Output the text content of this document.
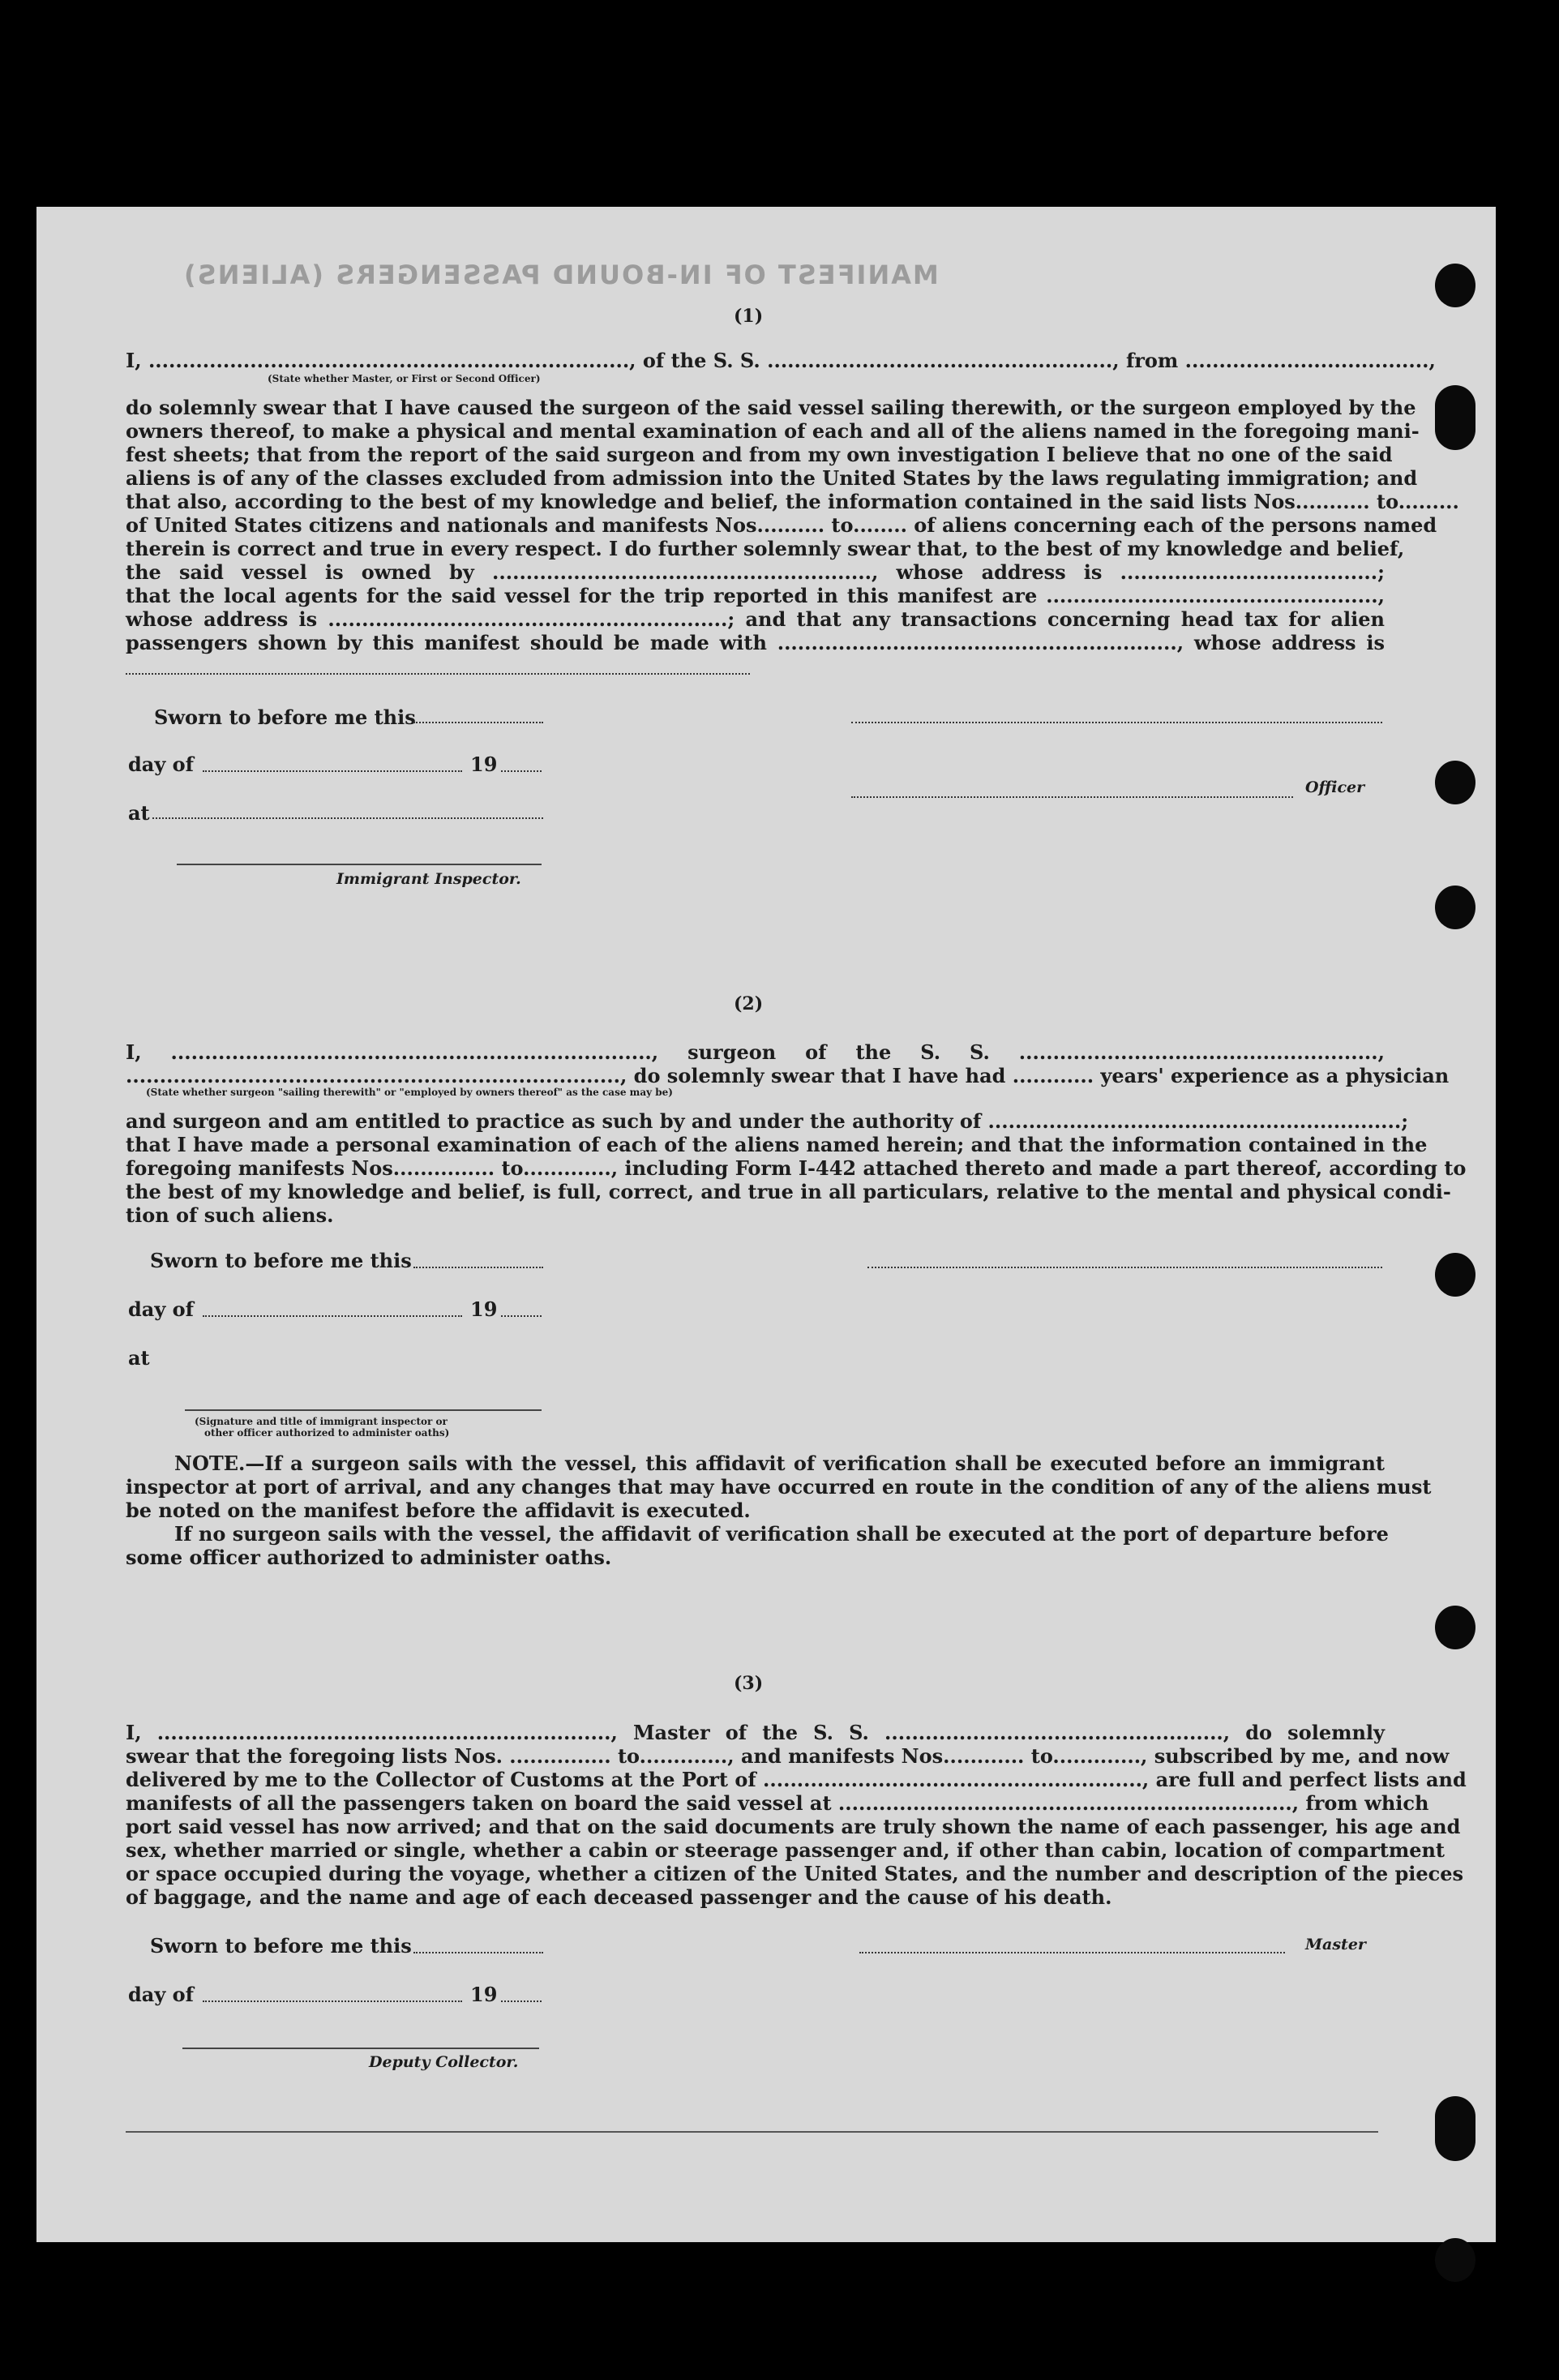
MANIFEST OF IN-BOUND PASSENGERS (ALIENS)
(1)
I, ......................................................................., of the S. S. ..................................................., from ....................................,
(State whether Master, or First or Second Officer)
do solemnly swear that I have caused the surgeon of the said vessel sailing therewith, or the surgeon employed by the
owners thereof, to make a physical and mental examination of each and all of the aliens named in the foregoing mani-
fest sheets; that from the report of the said surgeon and from my own investigation I believe that no one of the said
aliens is of any of the classes excluded from admission into the United States by the laws regulating immigration; and
that also, according to the best of my knowledge and belief, the information contained in the said lists Nos........... to.........
of United States citizens and nationals and manifests Nos.......... to........ of aliens concerning each of the persons named
therein is correct and true in every respect. I do further solemnly swear that, to the best of my knowledge and belief,
the said vessel is owned by ........................................................, whose address is ......................................;
that the local agents for the said vessel for the trip reported in this manifest are .................................................,
whose address is ...........................................................; and that any transactions concerning head tax for alien
passengers shown by this manifest should be made with ..........................................................., whose address is
Sworn to before me this
day of	19
Officer
at
Immigrant Inspector.
(2)
I, ......................................................................., surgeon of the S. S. .....................................................,
........................................................................., do solemnly swear that I have had ............ years' experience as a physician
(State whether surgeon "sailing therewith" or "employed by owners thereof" as the case may be)
and surgeon and am entitled to practice as such by and under the authority of .............................................................;
that I have made a personal examination of each of the aliens named herein; and that the information contained in the
foregoing manifests Nos............... to............., including Form I-442 attached thereto and made a part thereof, according to
the best of my knowledge and belief, is full, correct, and true in all particulars, relative to the mental and physical condi-
tion of such aliens.
Sworn to before me this
day of	19
at
(Signature and title of immigrant inspector or
other officer authorized to administer oaths)
NOTE.—If a surgeon sails with the vessel, this affidavit of verification shall be executed before an immigrant
inspector at port of arrival, and any changes that may have occurred en route in the condition of any of the aliens must
be noted on the manifest before the affidavit is executed.
If no surgeon sails with the vessel, the affidavit of verification shall be executed at the port of departure before
some officer authorized to administer oaths.
(3)
I, ..................................................................., Master of the S. S. .................................................., do solemnly
swear that the foregoing lists Nos. ............... to............., and manifests Nos............ to............., subscribed by me, and now
delivered by me to the Collector of Customs at the Port of ........................................................, are full and perfect lists and
manifests of all the passengers taken on board the said vessel at ..................................................................., from which
port said vessel has now arrived; and that on the said documents are truly shown the name of each passenger, his age and
sex, whether married or single, whether a cabin or steerage passenger and, if other than cabin, location of compartment
or space occupied during the voyage, whether a citizen of the United States, and the number and description of the pieces
of baggage, and the name and age of each deceased passenger and the cause of his death.
Sworn to before me this	Master
day of	19
Deputy Collector.
